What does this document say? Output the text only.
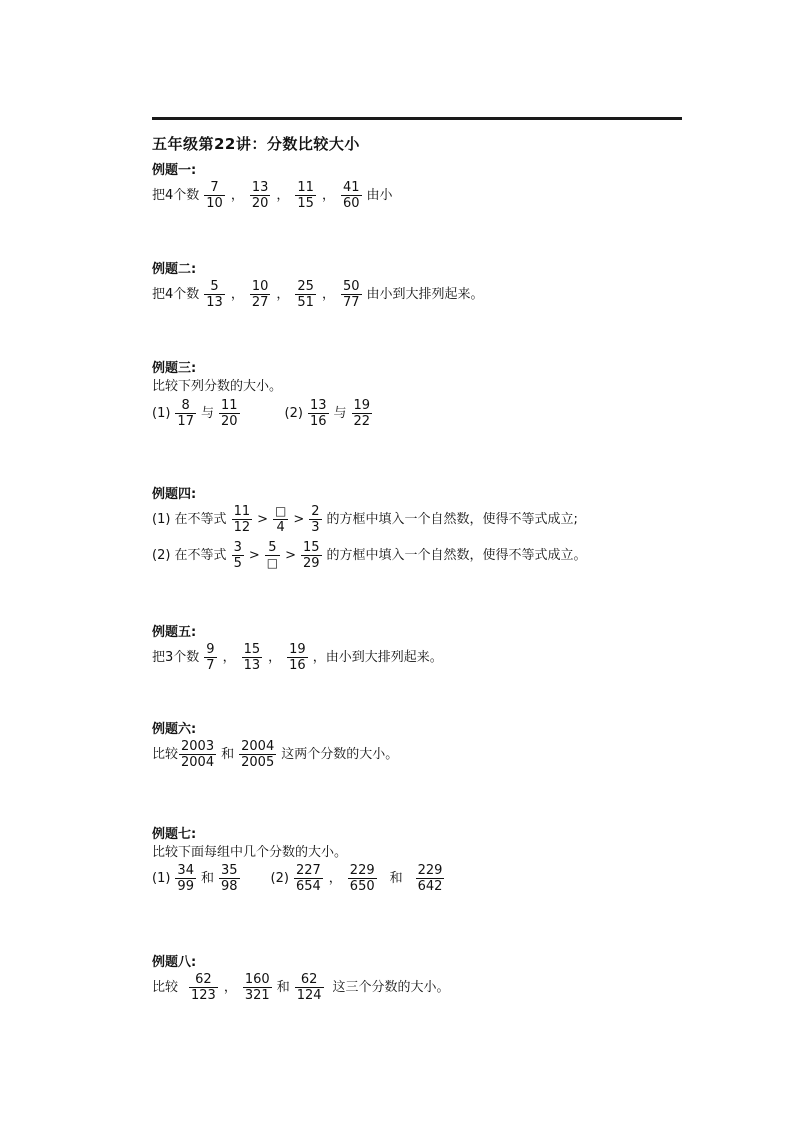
五年级第22讲：分数比较大小
例题一:
把4个数 $\frac{7}{10}$ ， $\frac{13}{20}$ ， $\frac{11}{15}$ ， $\frac{41}{60}$ 由小
例题二:
把4个数 $\frac{5}{13}$ ， $\frac{10}{27}$ ， $\frac{25}{51}$ ， $\frac{50}{77}$ 由小到大排列起来。
例题三:
比较下列分数的大小。
$(1) \frac{8}{17}$ 与 $\frac{11}{20}$	$(2) \frac{13}{16}$ 与 $\frac{19}{22}$
例题四:
(1) 在不等式 $\frac{11}{12} > \frac{□}{4} > \frac{2}{3}$ 的方框中填入一个自然数，使得不等式成立;
(2) 在不等式 $\frac{3}{5} > \frac{5}{□} > \frac{15}{29}$ 的方框中填入一个自然数，使得不等式成立。
例题五:
把3个数 $\frac{9}{7}$ ， $\frac{15}{13}$ ， $\frac{19}{16}$ ，由小到大排列起来。
例题六:
比较 $\frac{2003}{2004}$ 和 $\frac{2004}{2005}$ 这两个分数的大小。
例题七:
比较下面每组中几个分数的大小。
$(1) \frac{34}{99}$ 和 $\frac{35}{98} (2) \frac{227}{654}$ ， $\frac{229}{650}$ 和 $\frac{229}{642}$
例题八:
比较 $\frac{62}{123}$ ， $\frac{160}{321}$ 和 $\frac{62}{124}$ 这三个分数的大小。
